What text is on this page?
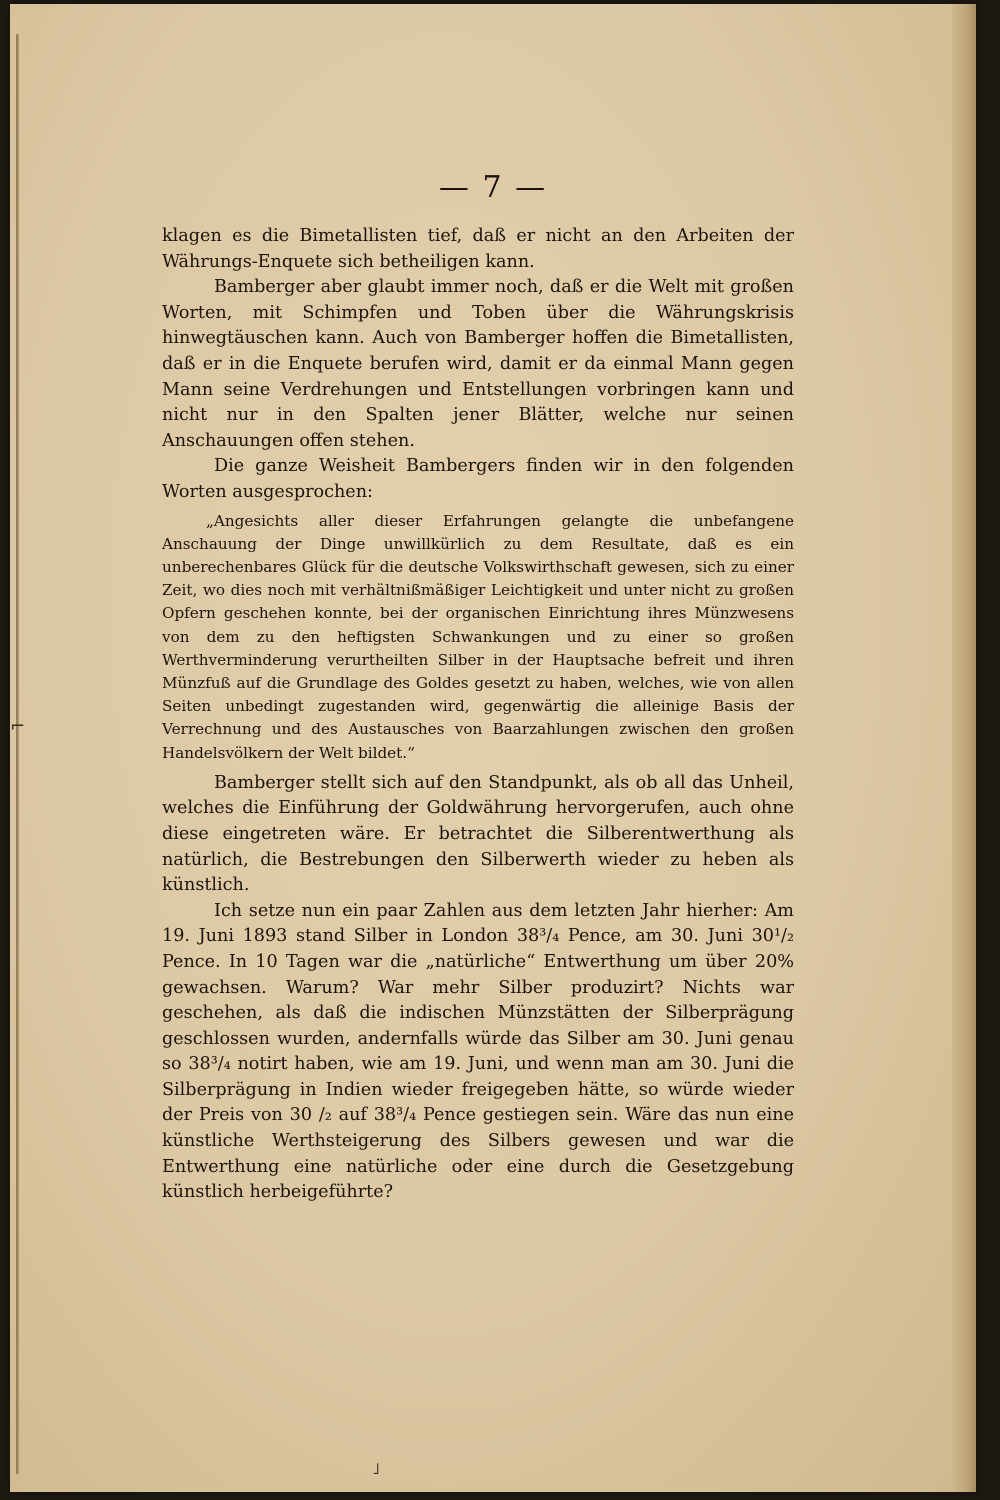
— 7 —

klagen es die Bimetallisten tief, daß er nicht an den Arbeiten der Währungs-Enquete sich betheiligen kann.

Bamberger aber glaubt immer noch, daß er die Welt mit großen Worten, mit Schimpfen und Toben über die Währungskrisis hinwegtäuschen kann. Auch von Bamberger hoffen die Bimetallisten, daß er in die Enquete berufen wird, damit er da einmal Mann gegen Mann seine Verdrehungen und Entstellungen vorbringen kann und nicht nur in den Spalten jener Blätter, welche nur seinen Anschauungen offen stehen.

Die ganze Weisheit Bambergers finden wir in den folgenden Worten ausgesprochen:

„Angesichts aller dieser Erfahrungen gelangte die unbefangene Anschauung der Dinge unwillkürlich zu dem Resultate, daß es ein unberechenbares Glück für die deutsche Volkswirthschaft gewesen, sich zu einer Zeit, wo dies noch mit verhältnißmäßiger Leichtigkeit und unter nicht zu großen Opfern geschehen konnte, bei der organischen Einrichtung ihres Münzwesens von dem zu den heftigsten Schwankungen und zu einer so großen Werthverminderung verurtheilten Silber in der Hauptsache befreit und ihren Münzfuß auf die Grundlage des Goldes gesetzt zu haben, welches, wie von allen Seiten unbedingt zugestanden wird, gegenwärtig die alleinige Basis der Verrechnung und des Austausches von Baarzahlungen zwischen den großen Handelsvölkern der Welt bildet.“

Bamberger stellt sich auf den Standpunkt, als ob all das Unheil, welches die Einführung der Goldwährung hervorgerufen, auch ohne diese eingetreten wäre. Er betrachtet die Silberentwerthung als natürlich, die Bestrebungen den Silberwerth wieder zu heben als künstlich.

Ich setze nun ein paar Zahlen aus dem letzten Jahr hierher: Am 19. Juni 1893 stand Silber in London 38³/₄ Pence, am 30. Juni 30¹/₂ Pence. In 10 Tagen war die „natürliche“ Entwerthung um über 20% gewachsen. Warum? War mehr Silber produzirt? Nichts war geschehen, als daß die indischen Münzstätten der Silberprägung geschlossen wurden, andernfalls würde das Silber am 30. Juni genau so 38³/₄ notirt haben, wie am 19. Juni, und wenn man am 30. Juni die Silberprägung in Indien wieder freigegeben hätte, so würde wieder der Preis von 30 /₂ auf 38³/₄ Pence gestiegen sein. Wäre das nun eine künstliche Werthsteigerung des Silbers gewesen und war die Entwerthung eine natürliche oder eine durch die Gesetzgebung künstlich herbeigeführte?

⌐
˩
